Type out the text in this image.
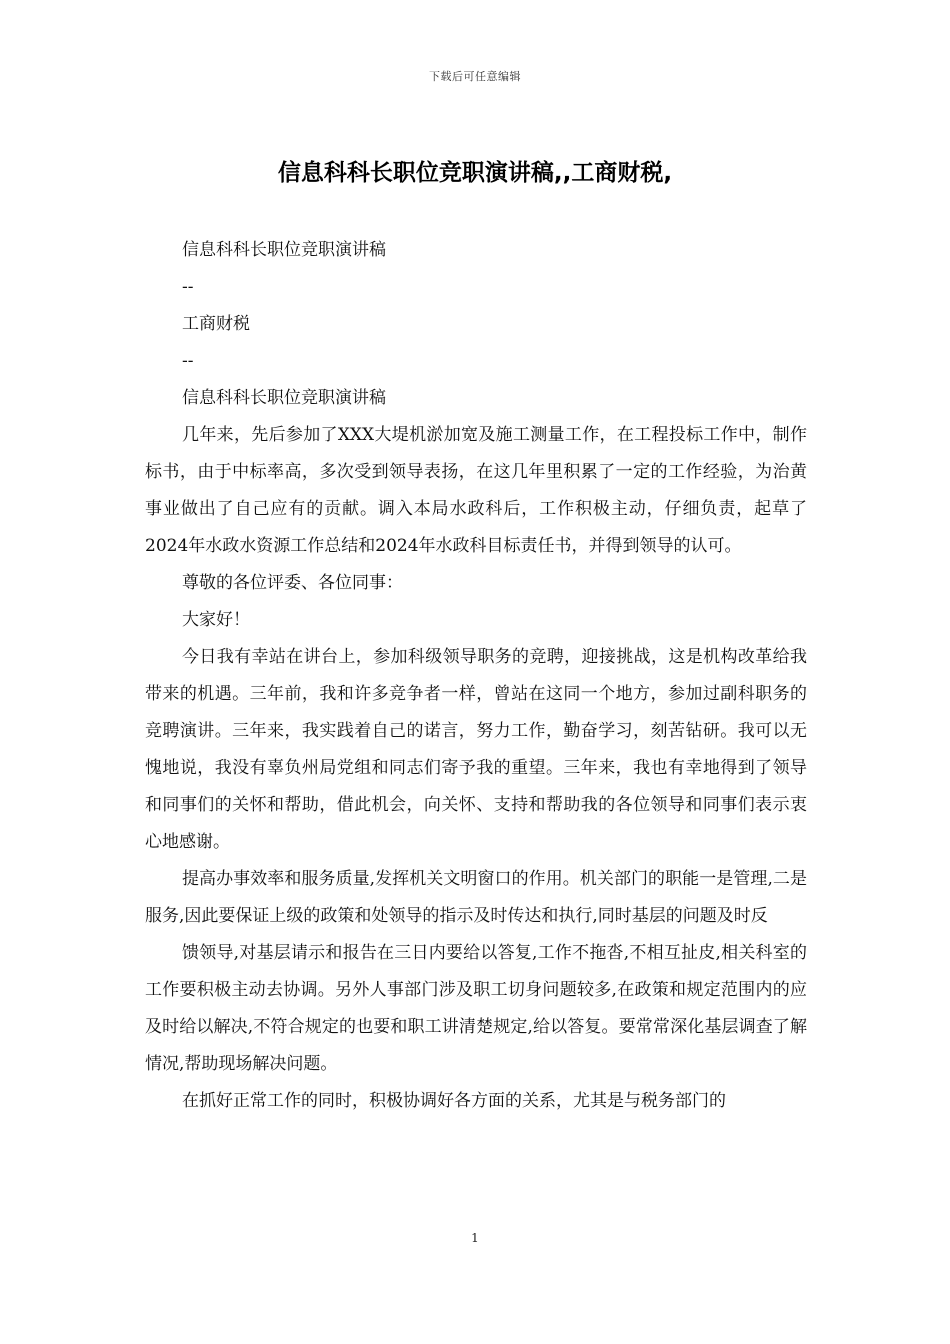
下载后可任意编辑
信息科科长职位竞职演讲稿,,工商财税,

信息科科长职位竞职演讲稿

--

工商财税

--

信息科科长职位竞职演讲稿

几年来，先后参加了XXX大堤机淤加宽及施工测量工作，在工程投标工作中，制作标书，由于中标率高，多次受到领导表扬，在这几年里积累了一定的工作经验，为治黄事业做出了自己应有的贡献。调入本局水政科后，工作积极主动，仔细负责，起草了2024年水政水资源工作总结和2024年水政科目标责任书，并得到领导的认可。

尊敬的各位评委、各位同事：

大家好！

今日我有幸站在讲台上，参加科级领导职务的竞聘，迎接挑战，这是机构改革给我带来的机遇。三年前，我和许多竞争者一样，曾站在这同一个地方，参加过副科职务的竞聘演讲。三年来，我实践着自己的诺言，努力工作，勤奋学习，刻苦钻研。我可以无愧地说，我没有辜负州局党组和同志们寄予我的重望。三年来，我也有幸地得到了领导和同事们的关怀和帮助，借此机会，向关怀、支持和帮助我的各位领导和同事们表示衷心地感谢。

提高办事效率和服务质量,发挥机关文明窗口的作用。机关部门的职能一是管理,二是服务,因此要保证上级的政策和处领导的指示及时传达和执行,同时基层的问题及时反

馈领导,对基层请示和报告在三日内要给以答复,工作不拖沓,不相互扯皮,相关科室的工作要积极主动去协调。另外人事部门涉及职工切身问题较多,在政策和规定范围内的应及时给以解决,不符合规定的也要和职工讲清楚规定,给以答复。要常常深化基层调查了解情况,帮助现场解决问题。

在抓好正常工作的同时，积极协调好各方面的关系，尤其是与税务部门的

1
